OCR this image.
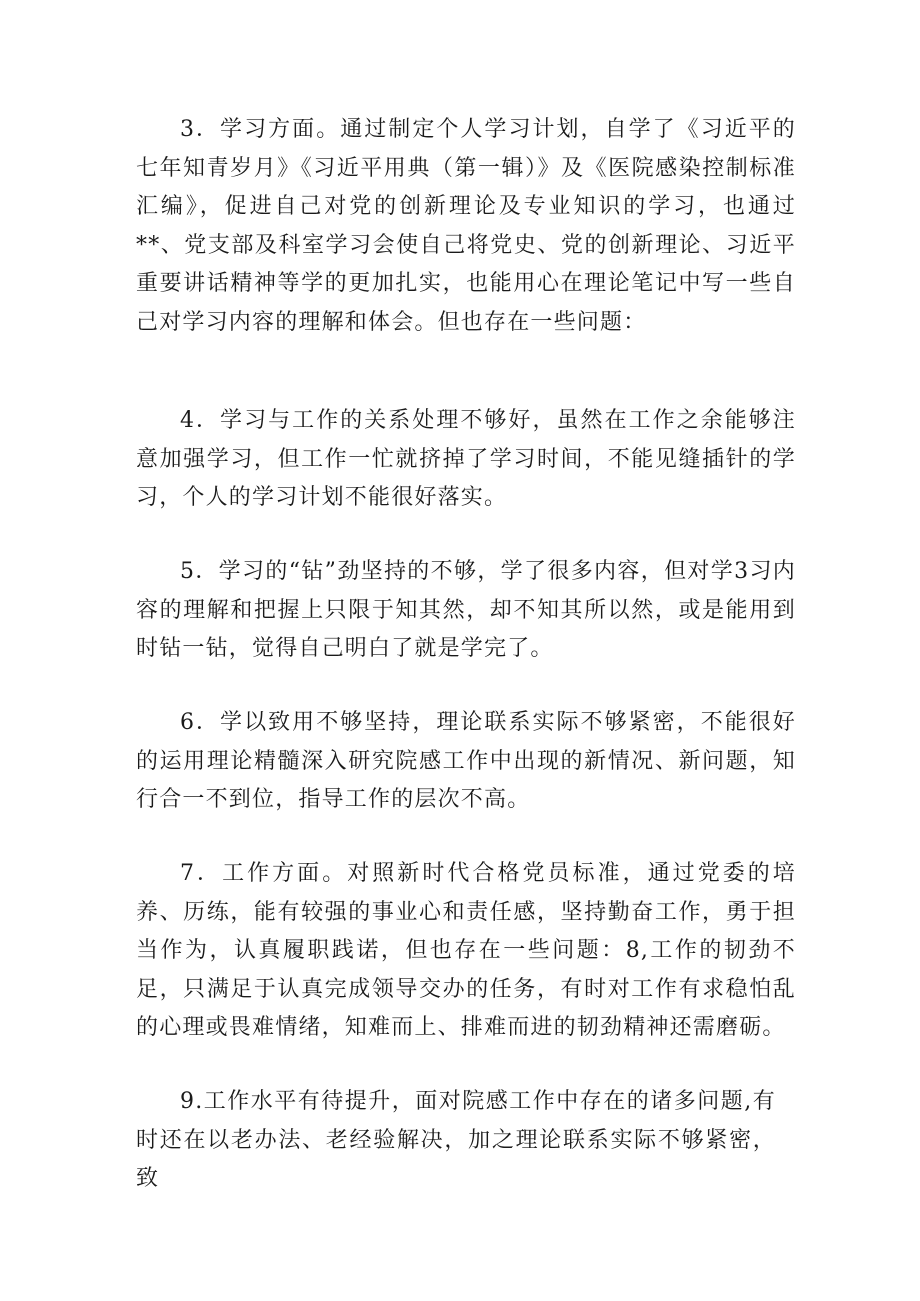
3．学习方面。通过制定个人学习计划，自学了《习近平的七年知青岁月》《习近平用典（第一辑）》及《医院感染控制标准汇编》，促进自己对党的创新理论及专业知识的学习，也通过**、党支部及科室学习会使自己将党史、党的创新理论、习近平重要讲话精神等学的更加扎实，也能用心在理论笔记中写一些自己对学习内容的理解和体会。但也存在一些问题：

4．学习与工作的关系处理不够好，虽然在工作之余能够注意加强学习，但工作一忙就挤掉了学习时间，不能见缝插针的学习，个人的学习计划不能很好落实。

5．学习的“钻”劲坚持的不够，学了很多内容，但对学3习内容的理解和把握上只限于知其然，却不知其所以然，或是能用到时钻一钻，觉得自己明白了就是学完了。

6．学以致用不够坚持，理论联系实际不够紧密，不能很好的运用理论精髓深入研究院感工作中出现的新情况、新问题，知行合一不到位，指导工作的层次不高。

7．工作方面。对照新时代合格党员标准，通过党委的培养、历练，能有较强的事业心和责任感，坚持勤奋工作，勇于担当作为，认真履职践诺，但也存在一些问题：8,工作的韧劲不足，只满足于认真完成领导交办的任务，有时对工作有求稳怕乱的心理或畏难情绪，知难而上、排难而进的韧劲精神还需磨砺。

9.工作水平有待提升，面对院感工作中存在的诸多问题,有时还在以老办法、老经验解决，加之理论联系实际不够紧密，致
